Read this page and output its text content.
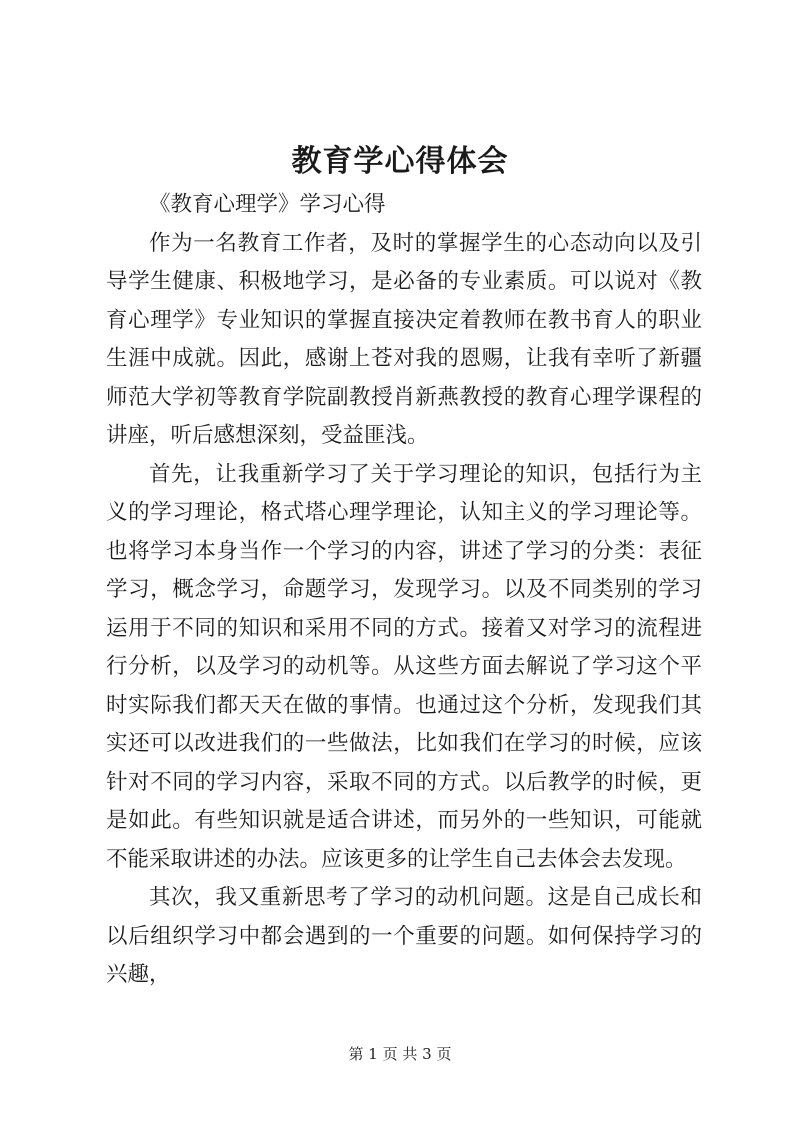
教育学心得体会

《教育心理学》学习心得

作为一名教育工作者，及时的掌握学生的心态动向以及引导学生健康、积极地学习，是必备的专业素质。可以说对《教育心理学》专业知识的掌握直接决定着教师在教书育人的职业生涯中成就。因此，感谢上苍对我的恩赐，让我有幸听了新疆师范大学初等教育学院副教授肖新燕教授的教育心理学课程的讲座，听后感想深刻，受益匪浅。

首先，让我重新学习了关于学习理论的知识，包括行为主义的学习理论，格式塔心理学理论，认知主义的学习理论等。也将学习本身当作一个学习的内容，讲述了学习的分类：表征学习，概念学习，命题学习，发现学习。以及不同类别的学习运用于不同的知识和采用不同的方式。接着又对学习的流程进行分析，以及学习的动机等。从这些方面去解说了学习这个平时实际我们都天天在做的事情。也通过这个分析，发现我们其实还可以改进我们的一些做法，比如我们在学习的时候，应该针对不同的学习内容，采取不同的方式。以后教学的时候，更是如此。有些知识就是适合讲述，而另外的一些知识，可能就不能采取讲述的办法。应该更多的让学生自己去体会去发现。

其次，我又重新思考了学习的动机问题。这是自己成长和以后组织学习中都会遇到的一个重要的问题。如何保持学习的兴趣，

第 1 页 共 3 页
